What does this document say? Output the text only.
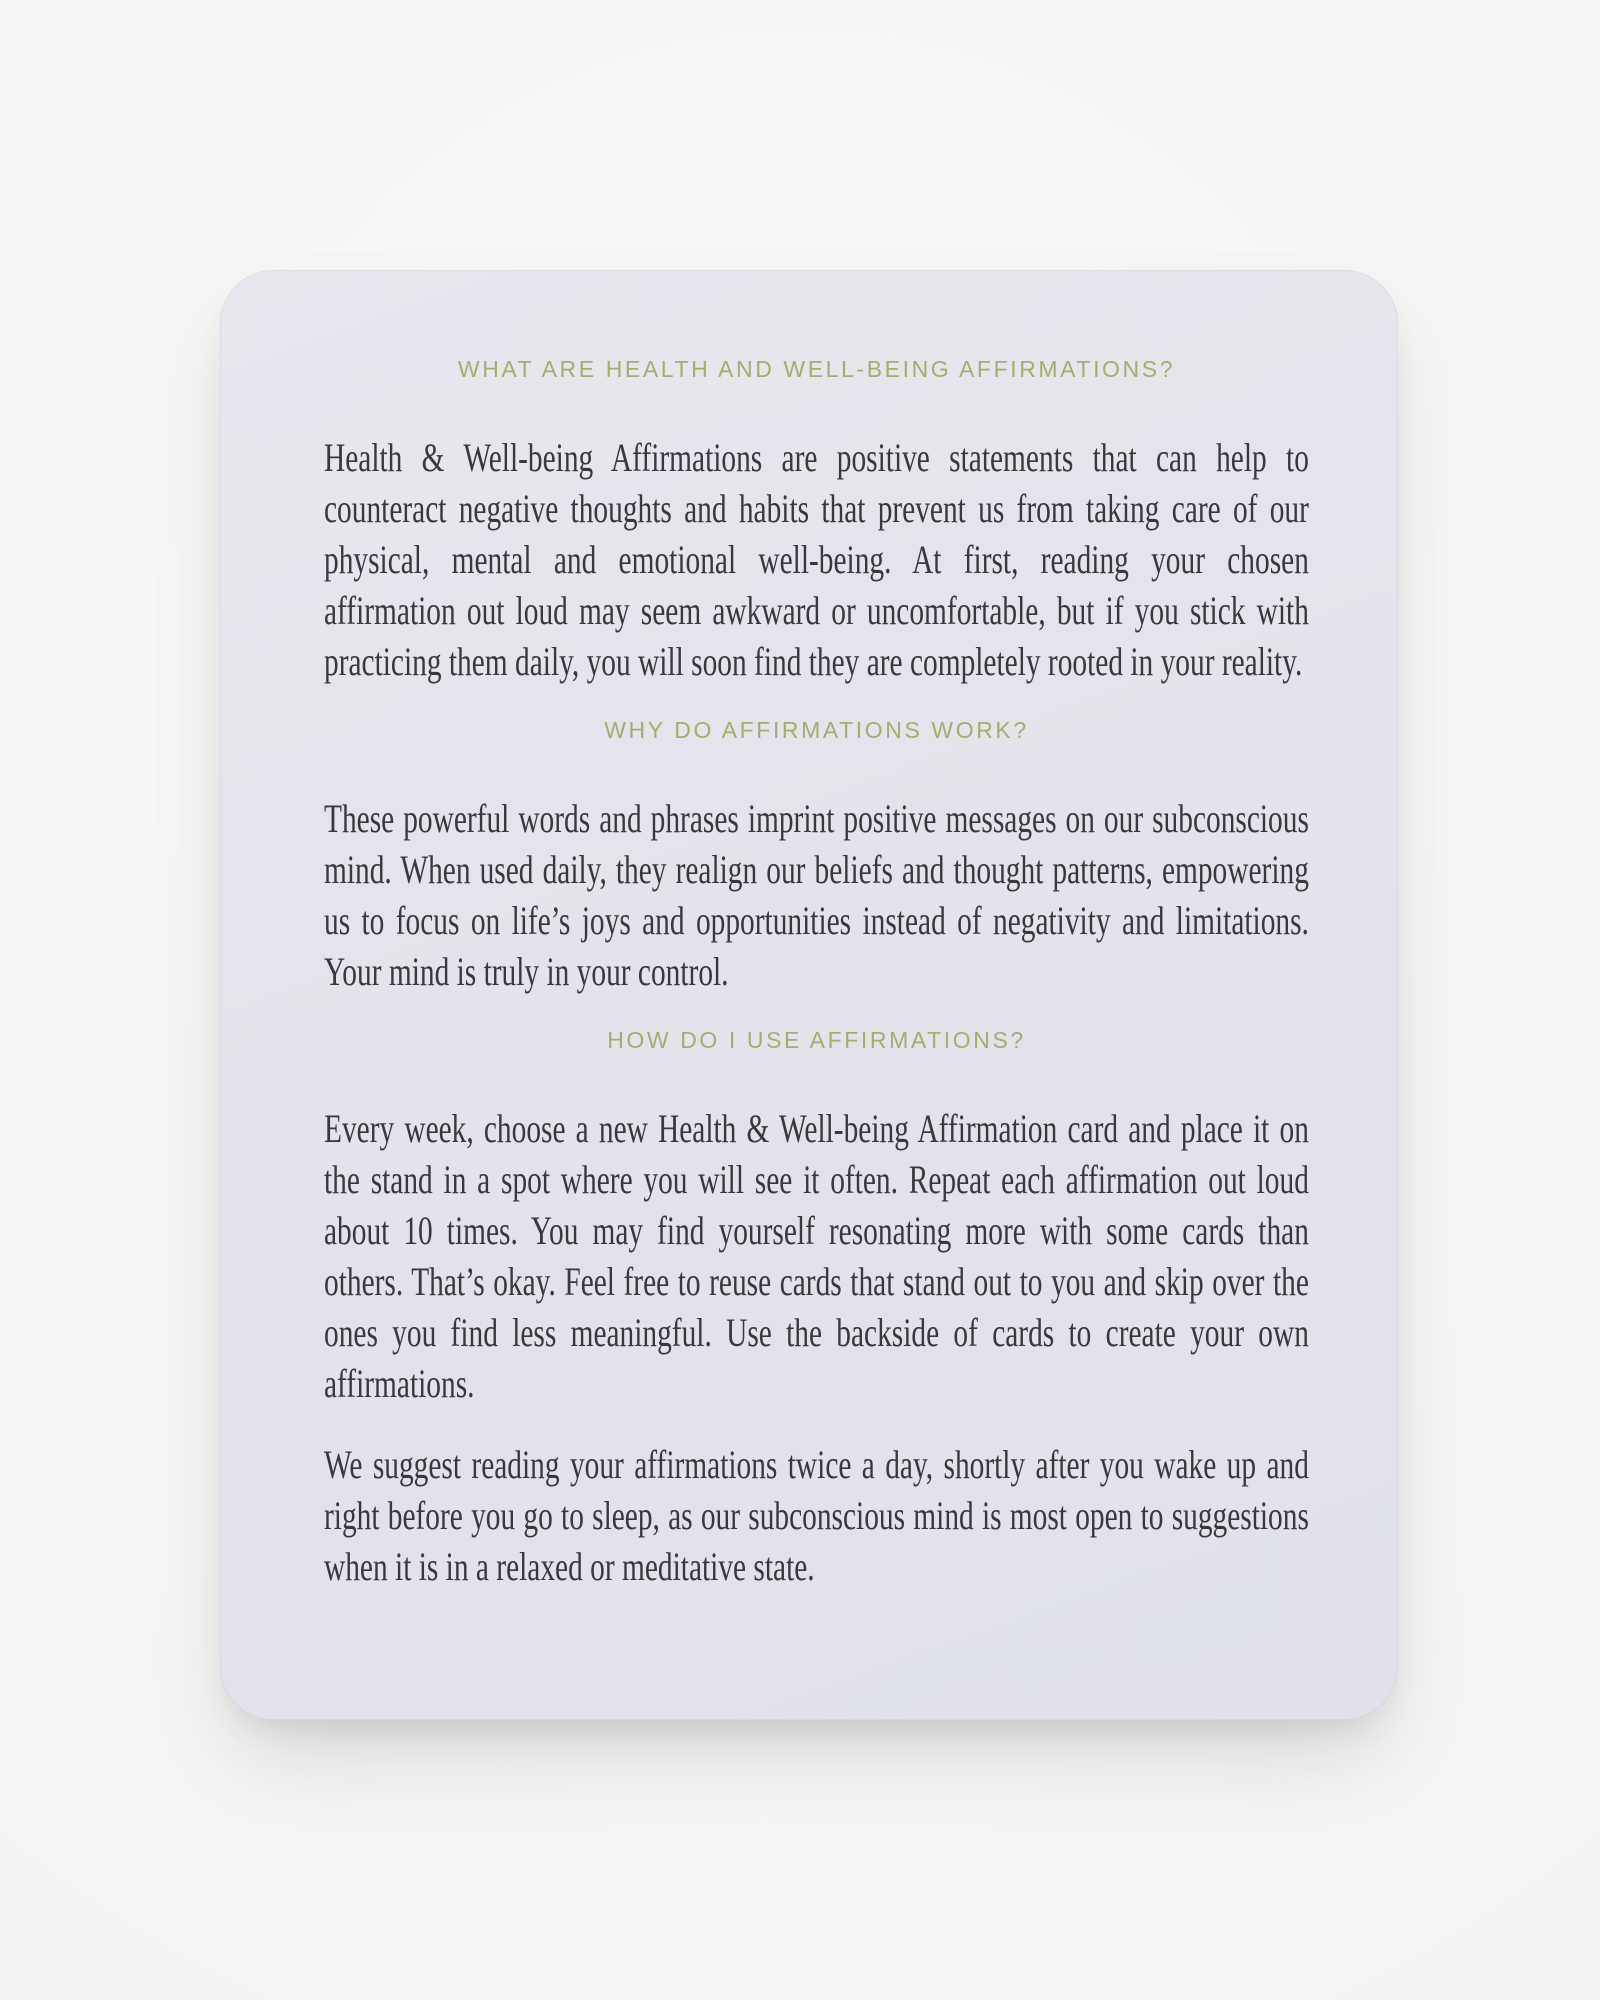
WHAT ARE HEALTH AND WELL-BEING AFFIRMATIONS?

Health & Well-being Affirmations are positive statements that can help to counteract negative thoughts and habits that prevent us from taking care of our physical, mental and emotional well-being. At first, reading your chosen affirmation out loud may seem awkward or uncomfortable, but if you stick with practicing them daily, you will soon find they are completely rooted in your reality.

WHY DO AFFIRMATIONS WORK?

These powerful words and phrases imprint positive messages on our subconscious mind. When used daily, they realign our beliefs and thought patterns, empowering us to focus on life’s joys and opportunities instead of negativity and limitations. Your mind is truly in your control.

HOW DO I USE AFFIRMATIONS?

Every week, choose a new Health & Well-being Affirmation card and place it on the stand in a spot where you will see it often. Repeat each affirmation out loud about 10 times. You may find yourself resonating more with some cards than others. That’s okay. Feel free to reuse cards that stand out to you and skip over the ones you find less meaningful. Use the backside of cards to create your own affirmations.

We suggest reading your affirmations twice a day, shortly after you wake up and right before you go to sleep, as our subconscious mind is most open to suggestions when it is in a relaxed or meditative state.
